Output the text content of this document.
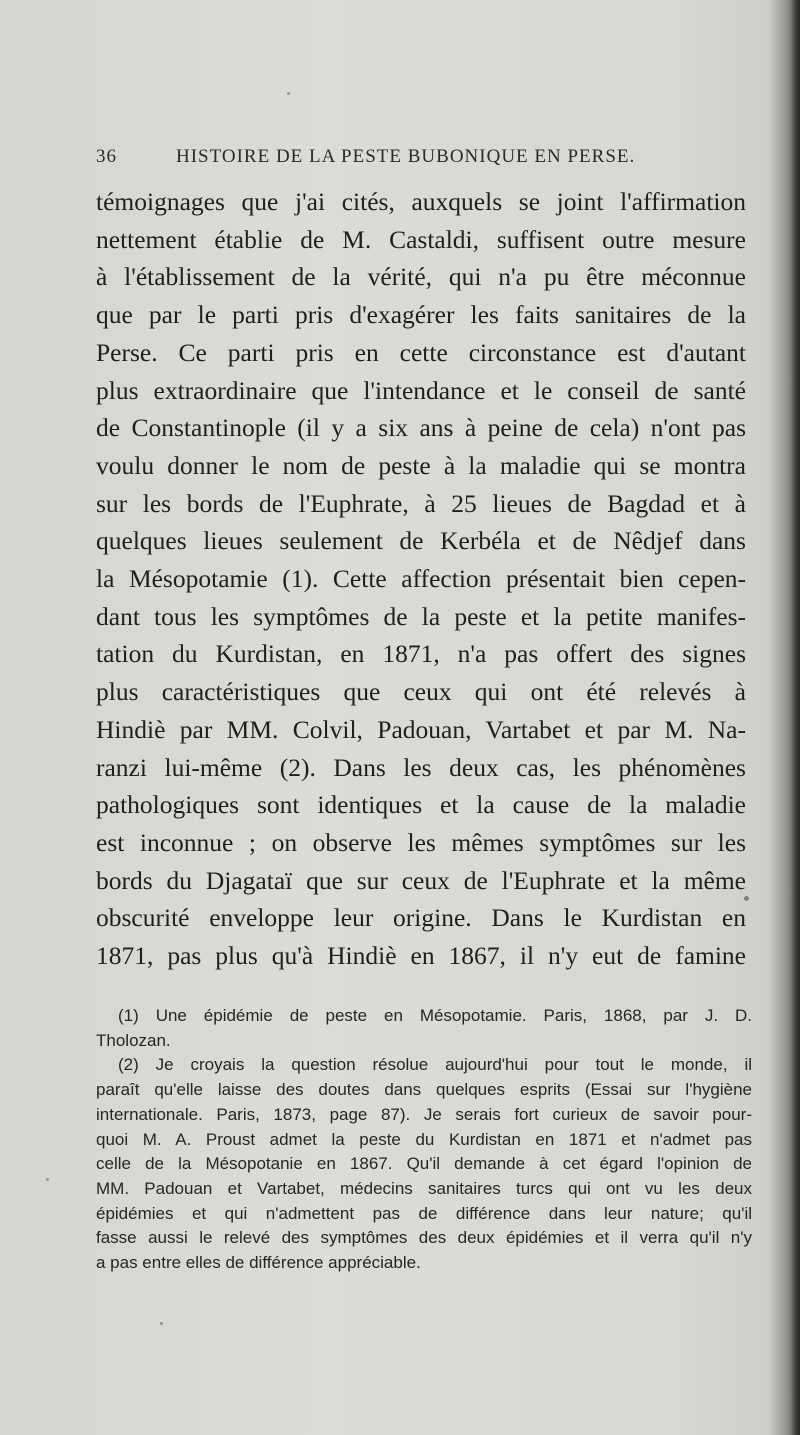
36	HISTOIRE DE LA PESTE BUBONIQUE EN PERSE.
témoignages que j'ai cités, auxquels se joint l'affirmation
nettement établie de M. Castaldi, suffisent outre mesure
à l'établissement de la vérité, qui n'a pu être méconnue
que par le parti pris d'exagérer les faits sanitaires de la
Perse. Ce parti pris en cette circonstance est d'autant
plus extraordinaire que l'intendance et le conseil de santé
de Constantinople (il y a six ans à peine de cela) n'ont pas
voulu donner le nom de peste à la maladie qui se montra
sur les bords de l'Euphrate, à 25 lieues de Bagdad et à
quelques lieues seulement de Kerbéla et de Nêdjef dans
la Mésopotamie (1). Cette affection présentait bien cepen-
dant tous les symptômes de la peste et la petite manifes-
tation du Kurdistan, en 1871, n'a pas offert des signes
plus caractéristiques que ceux qui ont été relevés à
Hindiè par MM. Colvil, Padouan, Vartabet et par M. Na-
ranzi lui-même (2). Dans les deux cas, les phénomènes
pathologiques sont identiques et la cause de la maladie
est inconnue ; on observe les mêmes symptômes sur les
bords du Djagataï que sur ceux de l'Euphrate et la même
obscurité enveloppe leur origine. Dans le Kurdistan en
1871, pas plus qu'à Hindiè en 1867, il n'y eut de famine
(1) Une épidémie de peste en Mésopotamie. Paris, 1868, par J. D.
Tholozan.
(2) Je croyais la question résolue aujourd'hui pour tout le monde, il
paraît qu'elle laisse des doutes dans quelques esprits (Essai sur l'hygiène
internationale. Paris, 1873, page 87). Je serais fort curieux de savoir pour-
quoi M. A. Proust admet la peste du Kurdistan en 1871 et n'admet pas
celle de la Mésopotanie en 1867. Qu'il demande à cet égard l'opinion de
MM. Padouan et Vartabet, médecins sanitaires turcs qui ont vu les deux
épidémies et qui n'admettent pas de différence dans leur nature; qu'il
fasse aussi le relevé des symptômes des deux épidémies et il verra qu'il n'y
a pas entre elles de différence appréciable.
